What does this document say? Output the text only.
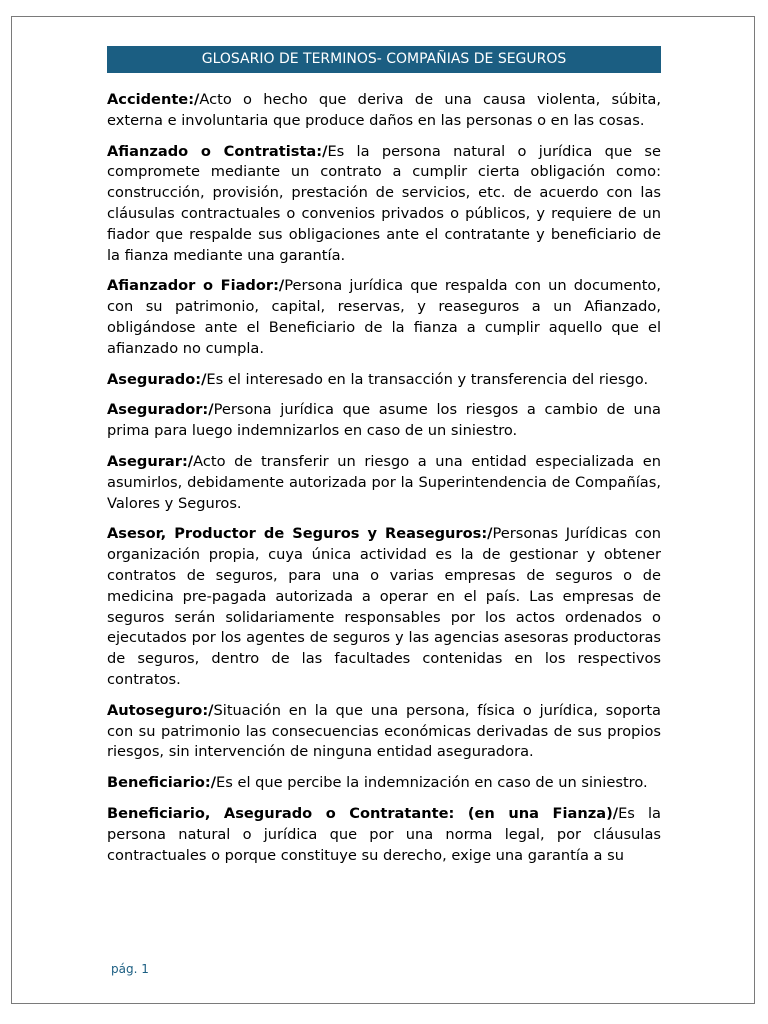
GLOSARIO DE TERMINOS- COMPAÑIAS DE SEGUROS

Accidente:/Acto o hecho que deriva de una causa violenta, súbita, externa e involuntaria que produce daños en las personas o en las cosas.

Afianzado o Contratista:/Es la persona natural o jurídica que se compromete mediante un contrato a cumplir cierta obligación como: construcción, provisión, prestación de servicios, etc. de acuerdo con las cláusulas contractuales o convenios privados o públicos, y requiere de un fiador que respalde sus obligaciones ante el contratante y beneficiario de la fianza mediante una garantía.

Afianzador o Fiador:/Persona jurídica que respalda con un documento, con su patrimonio, capital, reservas, y reaseguros a un Afianzado, obligándose ante el Beneficiario de la fianza a cumplir aquello que el afianzado no cumpla.

Asegurado:/Es el interesado en la transacción y transferencia del riesgo.

Asegurador:/Persona jurídica que asume los riesgos a cambio de una prima para luego indemnizarlos en caso de un siniestro.

Asegurar:/Acto de transferir un riesgo a una entidad especializada en asumirlos, debidamente autorizada por la Superintendencia de Compañías, Valores y Seguros.

Asesor, Productor de Seguros y Reaseguros:/Personas Jurídicas con organización propia, cuya única actividad es la de gestionar y obtener contratos de seguros, para una o varias empresas de seguros o de medicina pre-pagada autorizada a operar en el país. Las empresas de seguros serán solidariamente responsables por los actos ordenados o ejecutados por los agentes de seguros y las agencias asesoras productoras de seguros, dentro de las facultades contenidas en los respectivos contratos.

Autoseguro:/Situación en la que una persona, física o jurídica, soporta con su patrimonio las consecuencias económicas derivadas de sus propios riesgos, sin intervención de ninguna entidad aseguradora.

Beneficiario:/Es el que percibe la indemnización en caso de un siniestro.

Beneficiario, Asegurado o Contratante: (en una Fianza)/Es la persona natural o jurídica que por una norma legal, por cláusulas contractuales o porque constituye su derecho, exige una garantía a su

pág. 1
